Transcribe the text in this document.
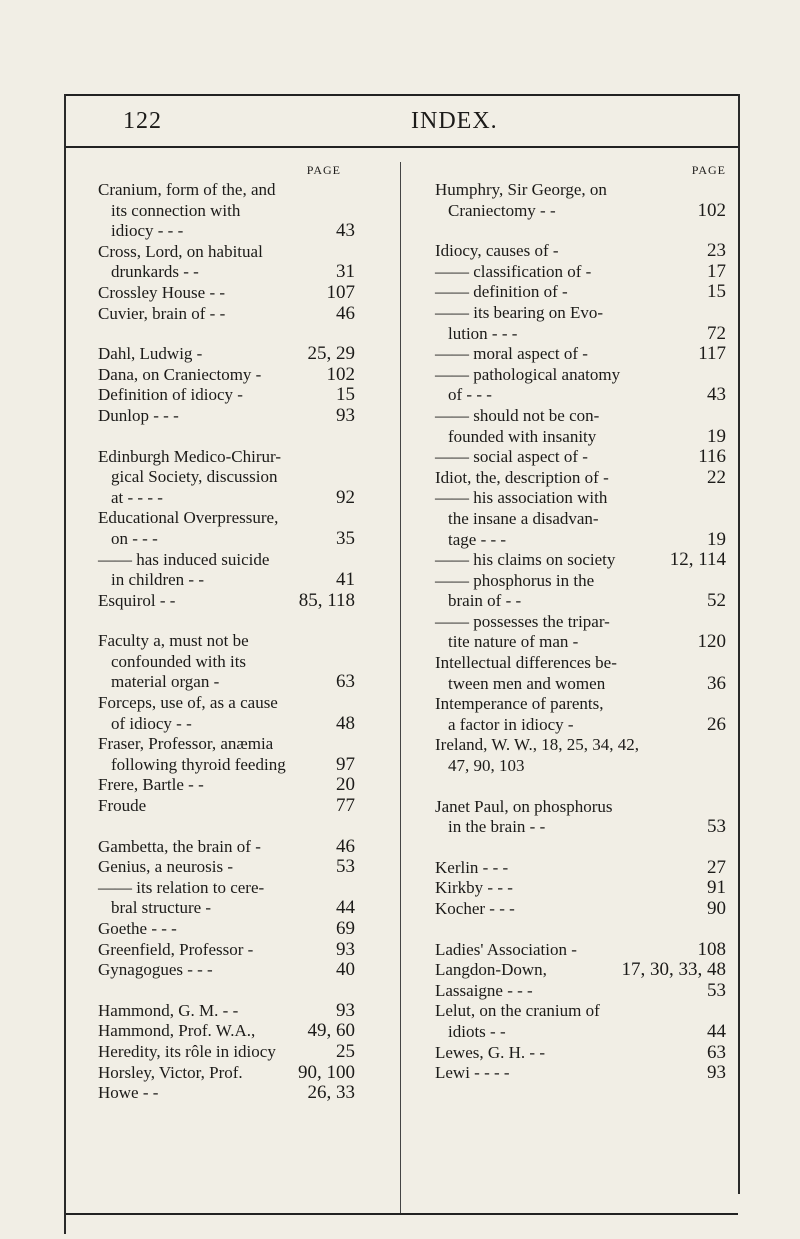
122	INDEX.
PAGE
Cranium, form of the, and
its connection with
idiocy - - -	43
Cross, Lord, on habitual
drunkards - -	31
Crossley House - -	107
Cuvier, brain of - -	46
Dahl, Ludwig -	25, 29
Dana, on Craniectomy -	102
Definition of idiocy -	15
Dunlop - - -	93
Edinburgh Medico-Chirur-
gical Society, discussion
at - - - -	92
Educational Overpressure,
on - - -	35
—— has induced suicide
in children - -	41
Esquirol - -	85, 118
Faculty a, must not be
confounded with its
material organ -	63
Forceps, use of, as a cause
of idiocy - -	48
Fraser, Professor, anæmia
following thyroid feeding	97
Frere, Bartle - -	20
Froude	77
Gambetta, the brain of -	46
Genius, a neurosis -	53
—— its relation to cere-
bral structure -	44
Goethe - - -	69
Greenfield, Professor -	93
Gynagogues - - -	40
Hammond, G. M. - -	93
Hammond, Prof. W.A.,	49, 60
Heredity, its rôle in idiocy	25
Horsley, Victor, Prof.	90, 100
Howe - -	26, 33
PAGE
Humphry, Sir George, on
Craniectomy - -	102
Idiocy, causes of -	23
—— classification of -	17
—— definition of -	15
—— its bearing on Evo-
lution - - -	72
—— moral aspect of -	117
—— pathological anatomy
of - - -	43
—— should not be con-
founded with insanity	19
—— social aspect of -	116
Idiot, the, description of -	22
—— his association with
the insane a disadvan-
tage - - -	19
—— his claims on society	12, 114
—— phosphorus in the
brain of - -	52
—— possesses the tripar-
tite nature of man -	120
Intellectual differences be-
tween men and women	36
Intemperance of parents,
a factor in idiocy -	26
Ireland, W. W., 18, 25, 34, 42,
47, 90, 103
Janet Paul, on phosphorus
in the brain - -	53
Kerlin - - -	27
Kirkby - - -	91
Kocher - - -	90
Ladies' Association -	108
Langdon-Down,	17, 30, 33, 48
Lassaigne - - -	53
Lelut, on the cranium of
idiots - -	44
Lewes, G. H. - -	63
Lewi - - - -	93
